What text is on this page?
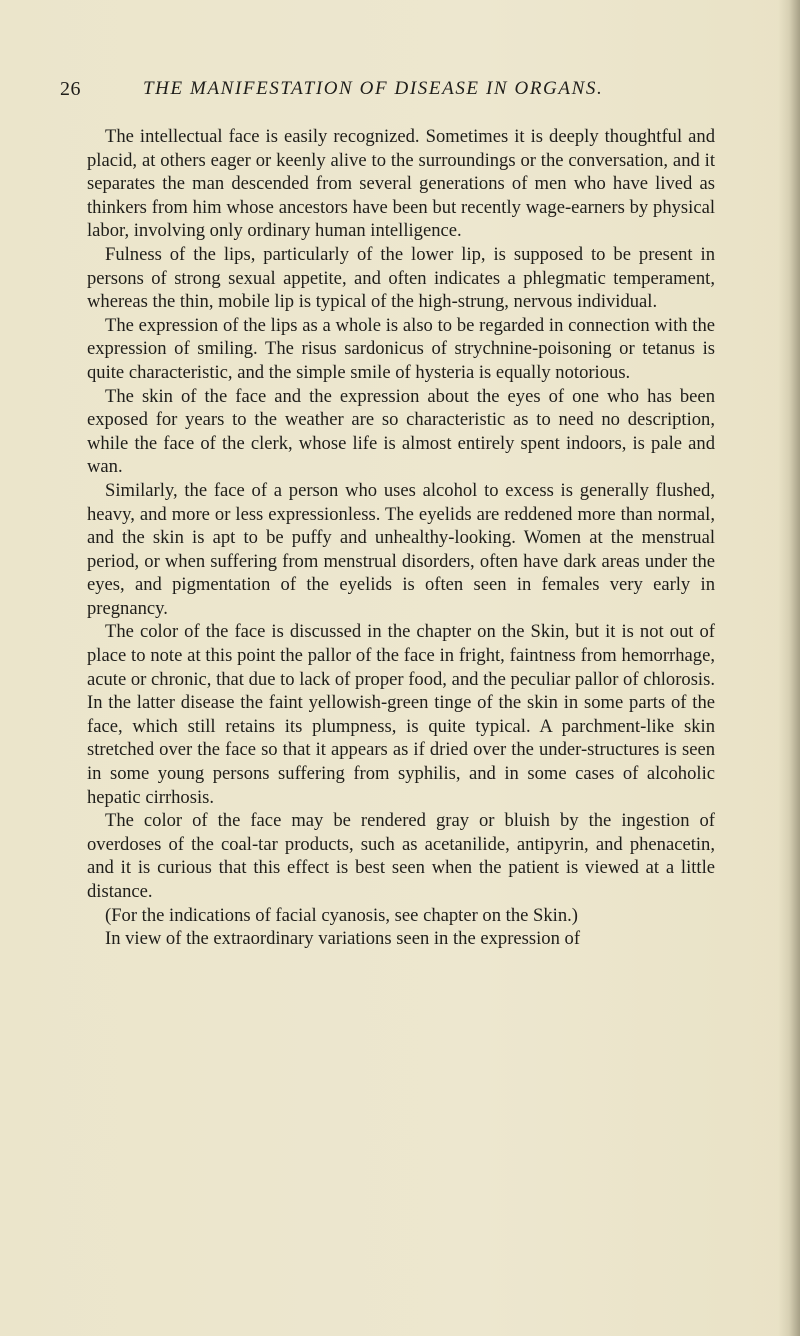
26	THE MANIFESTATION OF DISEASE IN ORGANS.

The intellectual face is easily recognized. Sometimes it is deeply thoughtful and placid, at others eager or keenly alive to the surroundings or the conversation, and it separates the man descended from several generations of men who have lived as thinkers from him whose ancestors have been but recently wage-earners by physical labor, involving only ordinary human intelligence.

Fulness of the lips, particularly of the lower lip, is supposed to be present in persons of strong sexual appetite, and often indicates a phlegmatic temperament, whereas the thin, mobile lip is typical of the high-strung, nervous individual.

The expression of the lips as a whole is also to be regarded in connection with the expression of smiling. The risus sardonicus of strychnine-poisoning or tetanus is quite characteristic, and the simple smile of hysteria is equally notorious.

The skin of the face and the expression about the eyes of one who has been exposed for years to the weather are so characteristic as to need no description, while the face of the clerk, whose life is almost entirely spent indoors, is pale and wan.

Similarly, the face of a person who uses alcohol to excess is generally flushed, heavy, and more or less expressionless. The eyelids are reddened more than normal, and the skin is apt to be puffy and unhealthy-looking. Women at the menstrual period, or when suffering from menstrual disorders, often have dark areas under the eyes, and pigmentation of the eyelids is often seen in females very early in pregnancy.

The color of the face is discussed in the chapter on the Skin, but it is not out of place to note at this point the pallor of the face in fright, faintness from hemorrhage, acute or chronic, that due to lack of proper food, and the peculiar pallor of chlorosis. In the latter disease the faint yellowish-green tinge of the skin in some parts of the face, which still retains its plumpness, is quite typical. A parchment-like skin stretched over the face so that it appears as if dried over the under-structures is seen in some young persons suffering from syphilis, and in some cases of alcoholic hepatic cirrhosis.

The color of the face may be rendered gray or bluish by the ingestion of overdoses of the coal-tar products, such as acetanilide, antipyrin, and phenacetin, and it is curious that this effect is best seen when the patient is viewed at a little distance.

(For the indications of facial cyanosis, see chapter on the Skin.)

In view of the extraordinary variations seen in the expression of
